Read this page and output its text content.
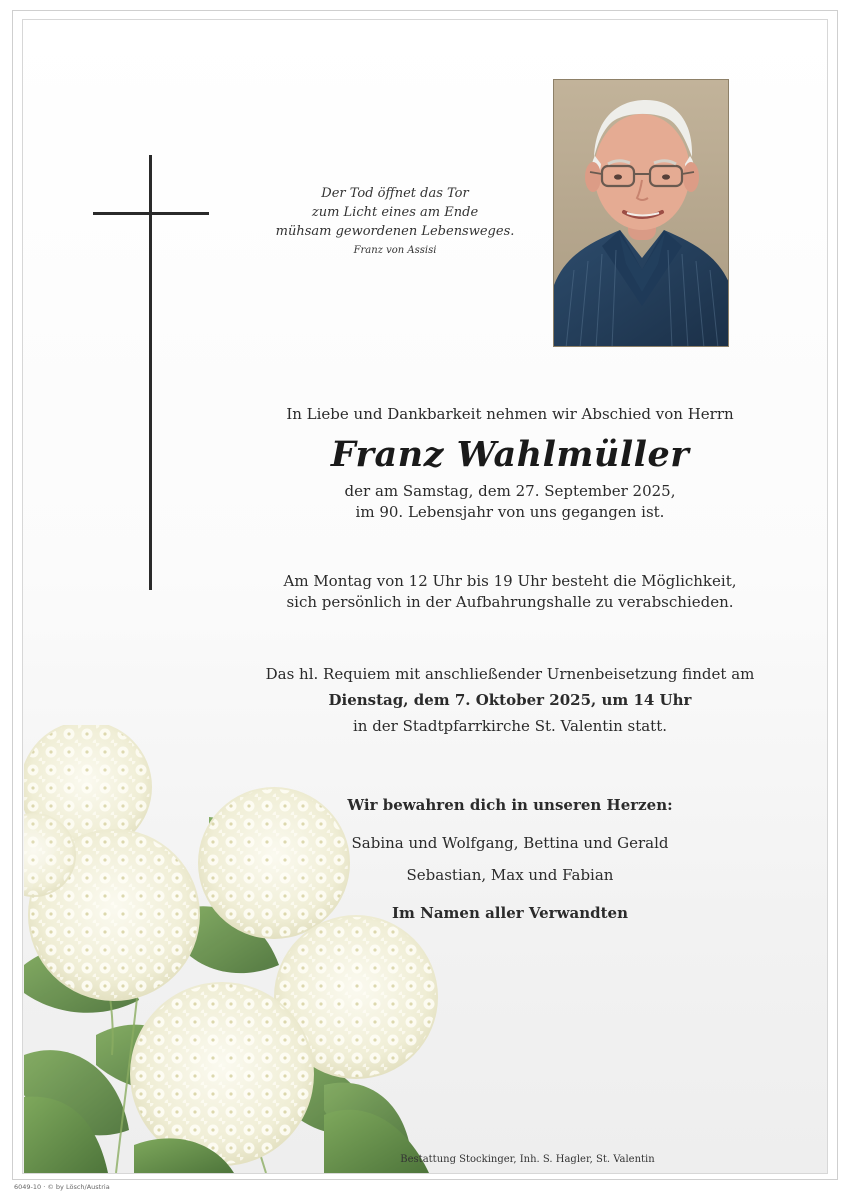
Der Tod öffnet das Tor
zum Licht eines am Ende
mühsam gewordenen Lebensweges.
Franz von Assisi
In Liebe und Dankbarkeit nehmen wir Abschied von Herrn
Franz Wahlmüller
der am Samstag, dem 27. September 2025,
im 90. Lebensjahr von uns gegangen ist.
Am Montag von 12 Uhr bis 19 Uhr besteht die Möglichkeit,
sich persönlich in der Aufbahrungshalle zu verabschieden.
Das hl. Requiem mit anschließender Urnenbeisetzung findet am
Dienstag, dem 7. Oktober 2025, um 14 Uhr
in der Stadtpfarrkirche St. Valentin statt.
Wir bewahren dich in unseren Herzen:
Sabina und Wolfgang, Bettina und Gerald
Sebastian, Max und Fabian
Im Namen aller Verwandten
Bestattung Stockinger, Inh. S. Hagler, St. Valentin
6049-10 · © by Lösch/Austria
